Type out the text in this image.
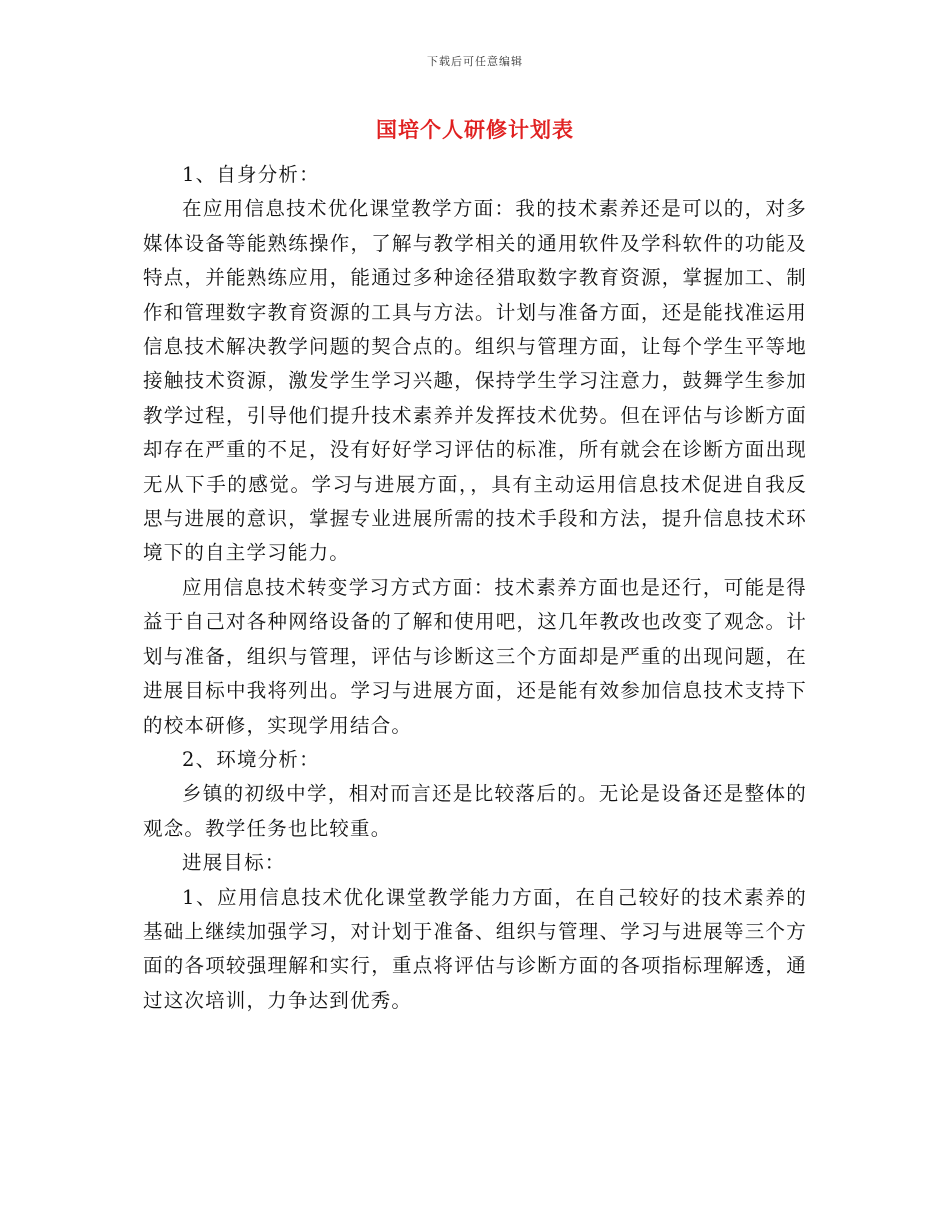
下载后可任意编辑
国培个人研修计划表

1、自身分析：

在应用信息技术优化课堂教学方面：我的技术素养还是可以的，对多媒体设备等能熟练操作，了解与教学相关的通用软件及学科软件的功能及特点，并能熟练应用，能通过多种途径猎取数字教育资源，掌握加工、制作和管理数字教育资源的工具与方法。计划与准备方面，还是能找准运用信息技术解决教学问题的契合点的。组织与管理方面，让每个学生平等地接触技术资源，激发学生学习兴趣，保持学生学习注意力，鼓舞学生参加教学过程，引导他们提升技术素养并发挥技术优势。但在评估与诊断方面却存在严重的不足，没有好好学习评估的标准，所有就会在诊断方面出现无从下手的感觉。学习与进展方面，，具有主动运用信息技术促进自我反思与进展的意识，掌握专业进展所需的技术手段和方法，提升信息技术环境下的自主学习能力。

应用信息技术转变学习方式方面：技术素养方面也是还行，可能是得益于自己对各种网络设备的了解和使用吧，这几年教改也改变了观念。计划与准备，组织与管理，评估与诊断这三个方面却是严重的出现问题，在进展目标中我将列出。学习与进展方面，还是能有效参加信息技术支持下的校本研修，实现学用结合。

2、环境分析：

乡镇的初级中学，相对而言还是比较落后的。无论是设备还是整体的观念。教学任务也比较重。

进展目标：

1、应用信息技术优化课堂教学能力方面，在自己较好的技术素养的基础上继续加强学习，对计划于准备、组织与管理、学习与进展等三个方面的各项较强理解和实行，重点将评估与诊断方面的各项指标理解透，通过这次培训，力争达到优秀。
